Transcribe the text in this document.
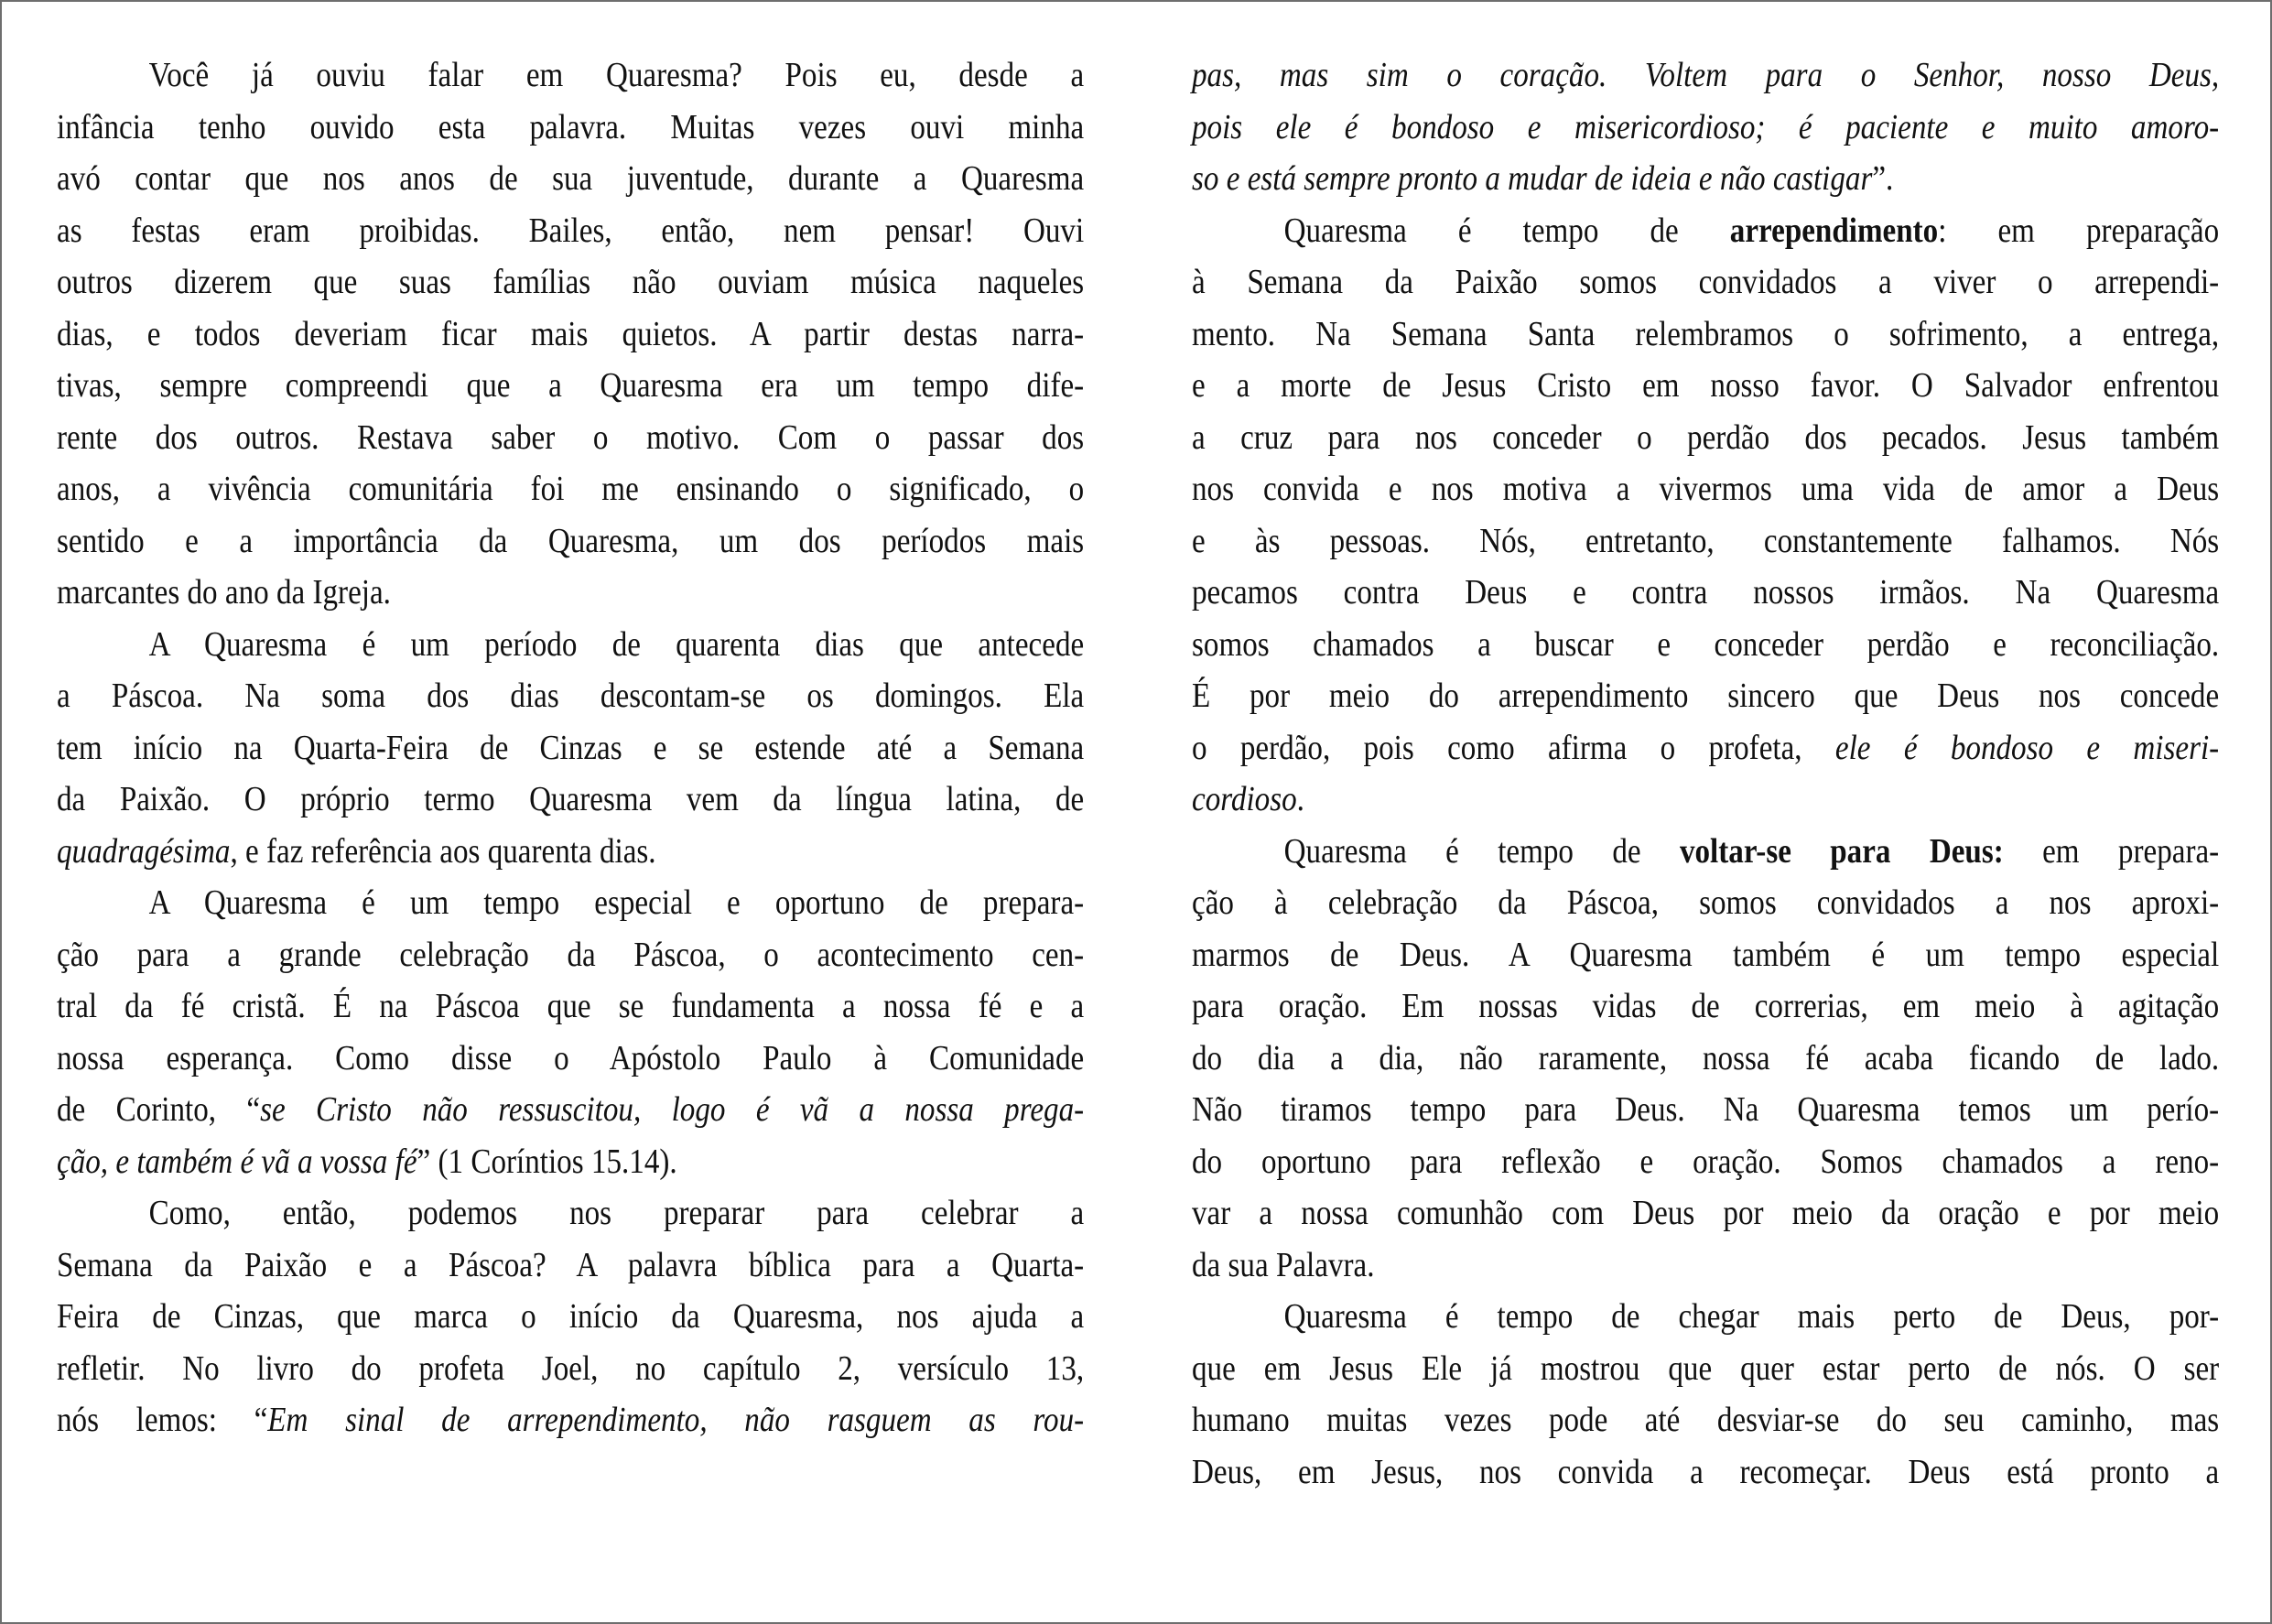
Você já ouviu falar em Quaresma? Pois eu, desde a
infância tenho ouvido esta palavra. Muitas vezes ouvi minha
avó contar que nos anos de sua juventude, durante a Quaresma
as festas eram proibidas. Bailes, então, nem pensar! Ouvi
outros dizerem que suas famílias não ouviam música naqueles
dias, e todos deveriam ficar mais quietos. A partir destas narra-
tivas, sempre compreendi que a Quaresma era um tempo dife-
rente dos outros. Restava saber o motivo. Com o passar dos
anos, a vivência comunitária foi me ensinando o significado, o
sentido e a importância da Quaresma, um dos períodos mais
marcantes do ano da Igreja.
A Quaresma é um período de quarenta dias que antecede
a Páscoa. Na soma dos dias descontam-se os domingos. Ela
tem início na Quarta-Feira de Cinzas e se estende até a Semana
da Paixão. O próprio termo Quaresma vem da língua latina, de
quadragésima, e faz referência aos quarenta dias.
A Quaresma é um tempo especial e oportuno de prepara-
ção para a grande celebração da Páscoa, o acontecimento cen-
tral da fé cristã. É na Páscoa que se fundamenta a nossa fé e a
nossa esperança. Como disse o Apóstolo Paulo à Comunidade
de Corinto, “se Cristo não ressuscitou, logo é vã a nossa prega-
ção, e também é vã a vossa fé” (1 Coríntios 15.14).
Como, então, podemos nos preparar para celebrar a
Semana da Paixão e a Páscoa? A palavra bíblica para a Quarta-
Feira de Cinzas, que marca o início da Quaresma, nos ajuda a
refletir. No livro do profeta Joel, no capítulo 2, versículo 13,
nós lemos: “Em sinal de arrependimento, não rasguem as rou-
pas, mas sim o coração. Voltem para o Senhor, nosso Deus,
pois ele é bondoso e misericordioso; é paciente e muito amoro-
so e está sempre pronto a mudar de ideia e não castigar”.
Quaresma é tempo de arrependimento: em preparação
à Semana da Paixão somos convidados a viver o arrependi-
mento. Na Semana Santa relembramos o sofrimento, a entrega,
e a morte de Jesus Cristo em nosso favor. O Salvador enfrentou
a cruz para nos conceder o perdão dos pecados. Jesus também
nos convida e nos motiva a vivermos uma vida de amor a Deus
e às pessoas. Nós, entretanto, constantemente falhamos. Nós
pecamos contra Deus e contra nossos irmãos. Na Quaresma
somos chamados a buscar e conceder perdão e reconciliação.
É por meio do arrependimento sincero que Deus nos concede
o perdão, pois como afirma o profeta, ele é bondoso e miseri-
cordioso.
Quaresma é tempo de voltar-se para Deus: em prepara-
ção à celebração da Páscoa, somos convidados a nos aproxi-
marmos de Deus. A Quaresma também é um tempo especial
para oração. Em nossas vidas de correrias, em meio à agitação
do dia a dia, não raramente, nossa fé acaba ficando de lado.
Não tiramos tempo para Deus. Na Quaresma temos um perío-
do oportuno para reflexão e oração. Somos chamados a reno-
var a nossa comunhão com Deus por meio da oração e por meio
da sua Palavra.
Quaresma é tempo de chegar mais perto de Deus, por-
que em Jesus Ele já mostrou que quer estar perto de nós. O ser
humano muitas vezes pode até desviar-se do seu caminho, mas
Deus, em Jesus, nos convida a recomeçar. Deus está pronto a
